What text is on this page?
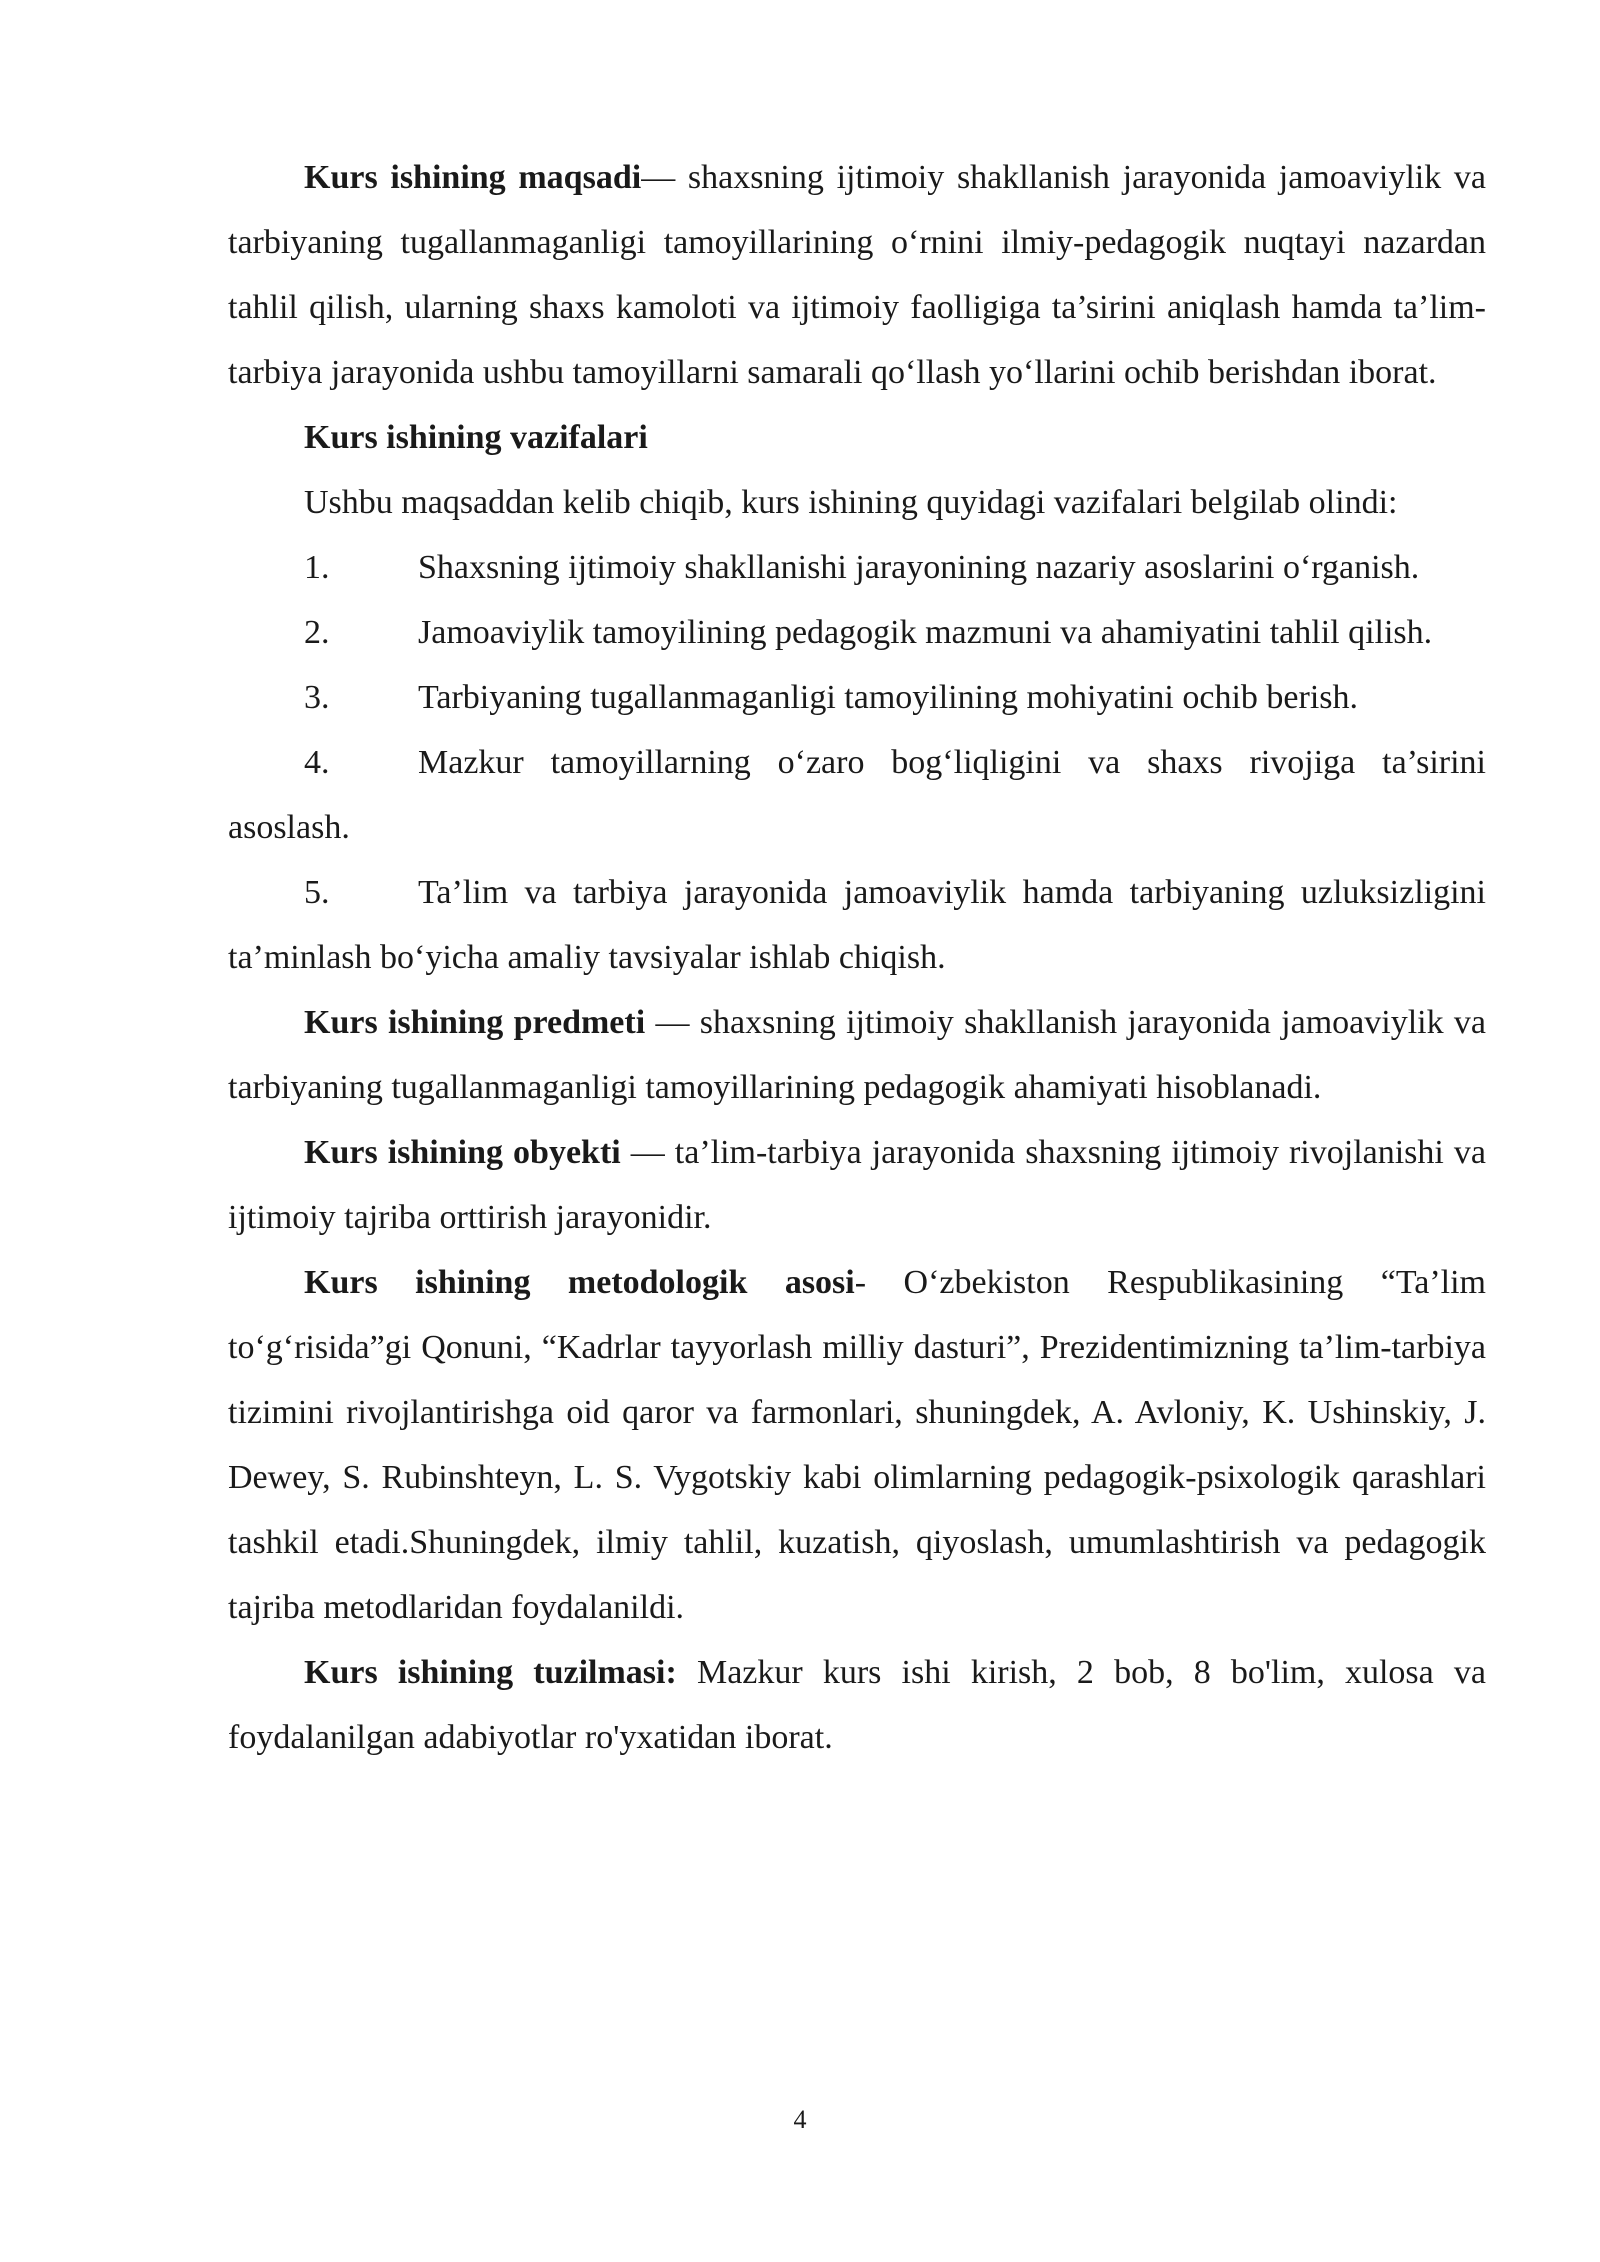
Kurs ishining maqsadi— shaxsning ijtimoiy shakllanish jarayonida jamoaviylik va tarbiyaning tugallanmaganligi tamoyillarining o‘rnini ilmiy-pedagogik nuqtayi nazardan tahlil qilish, ularning shaxs kamoloti va ijtimoiy faolligiga ta’sirini aniqlash hamda ta’lim-tarbiya jarayonida ushbu tamoyillarni samarali qo‘llash yo‘llarini ochib berishdan iborat.

Kurs ishining vazifalari

Ushbu maqsaddan kelib chiqib, kurs ishining quyidagi vazifalari belgilab olindi:

1.	Shaxsning ijtimoiy shakllanishi jarayonining nazariy asoslarini o‘rganish.

2.	Jamoaviylik tamoyilining pedagogik mazmuni va ahamiyatini tahlil qilish.

3.	Tarbiyaning tugallanmaganligi tamoyilining mohiyatini ochib berish.

4.	Mazkur tamoyillarning o‘zaro bog‘liqligini va shaxs rivojiga ta’sirini asoslash.

5.	Ta’lim va tarbiya jarayonida jamoaviylik hamda tarbiyaning uzluksizligini ta’minlash bo‘yicha amaliy tavsiyalar ishlab chiqish.

Kurs ishining predmeti — shaxsning ijtimoiy shakllanish jarayonida jamoaviylik va tarbiyaning tugallanmaganligi tamoyillarining pedagogik ahamiyati hisoblanadi.

Kurs ishining obyekti — ta’lim-tarbiya jarayonida shaxsning ijtimoiy rivojlanishi va ijtimoiy tajriba orttirish jarayonidir.

Kurs ishining metodologik asosi- O‘zbekiston Respublikasining “Ta’lim to‘g‘risida”gi Qonuni, “Kadrlar tayyorlash milliy dasturi”, Prezidentimizning ta’lim-tarbiya tizimini rivojlantirishga oid qaror va farmonlari, shuningdek, A. Avloniy, K. Ushinskiy, J. Dewey, S. Rubinshteyn, L. S. Vygotskiy kabi olimlarning pedagogik-psixologik qarashlari tashkil etadi.Shuningdek, ilmiy tahlil, kuzatish, qiyoslash, umumlashtirish va pedagogik tajriba metodlaridan foydalanildi.

Kurs ishining tuzilmasi: Mazkur kurs ishi kirish, 2 bob, 8 bo'lim, xulosa va foydalanilgan adabiyotlar ro'yxatidan iborat.

4
